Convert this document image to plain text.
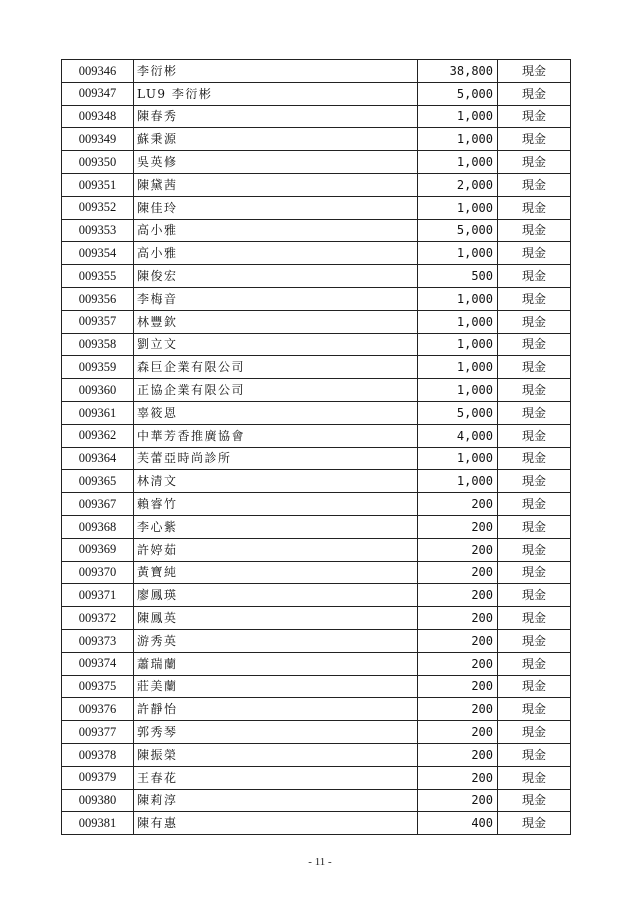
009346	李衍彬	38,800	現金
009347	LU9 李衍彬	5,000	現金
009348	陳春秀	1,000	現金
009349	蘇秉源	1,000	現金
009350	吳英修	1,000	現金
009351	陳黛茜	2,000	現金
009352	陳佳玲	1,000	現金
009353	高小雅	5,000	現金
009354	高小雅	1,000	現金
009355	陳俊宏	500	現金
009356	李梅音	1,000	現金
009357	林豐欽	1,000	現金
009358	劉立文	1,000	現金
009359	森巨企業有限公司	1,000	現金
009360	正協企業有限公司	1,000	現金
009361	辜筱恩	5,000	現金
009362	中華芳香推廣協會	4,000	現金
009364	芙蕾亞時尚診所	1,000	現金
009365	林清文	1,000	現金
009367	賴睿竹	200	現金
009368	李心紫	200	現金
009369	許婷茹	200	現金
009370	黃寶純	200	現金
009371	廖鳳瑛	200	現金
009372	陳鳳英	200	現金
009373	游秀英	200	現金
009374	蕭瑞蘭	200	現金
009375	莊美蘭	200	現金
009376	許靜怡	200	現金
009377	郭秀琴	200	現金
009378	陳振榮	200	現金
009379	王春花	200	現金
009380	陳莉淳	200	現金
009381	陳有惠	400	現金
- 11 -
